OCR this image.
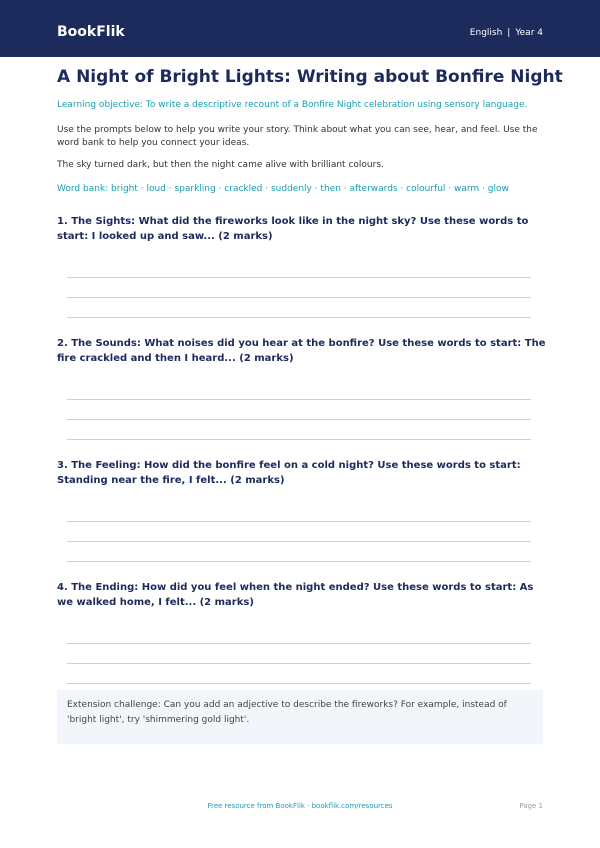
BookFlik	English | Year 4
A Night of Bright Lights: Writing about Bonfire Night
Learning objective: To write a descriptive recount of a Bonfire Night celebration using sensory language.
Use the prompts below to help you write your story. Think about what you can see, hear, and feel. Use the word bank to help you connect your ideas.
The sky turned dark, but then the night came alive with brilliant colours.
Word bank: bright · loud · sparkling · crackled · suddenly · then · afterwards · colourful · warm · glow
1. The Sights: What did the fireworks look like in the night sky? Use these words to start: I looked up and saw... (2 marks)
2. The Sounds: What noises did you hear at the bonfire? Use these words to start: The fire crackled and then I heard... (2 marks)
3. The Feeling: How did the bonfire feel on a cold night? Use these words to start: Standing near the fire, I felt... (2 marks)
4. The Ending: How did you feel when the night ended? Use these words to start: As we walked home, I felt... (2 marks)
Extension challenge: Can you add an adjective to describe the fireworks? For example, instead of 'bright light', try 'shimmering gold light'.
Free resource from BookFlik · bookflik.com/resources	Page 1
